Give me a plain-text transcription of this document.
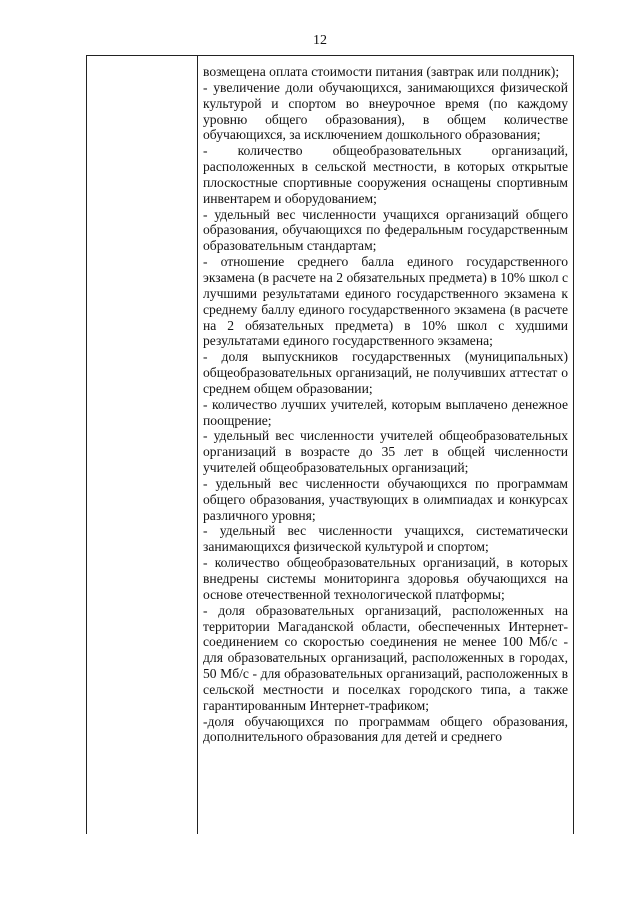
12

возмещена оплата стоимости питания (завтрак или полдник);

- увеличение доли обучающихся, занимающихся физической культурой и спортом во внеурочное время (по каждому уровню общего образования), в общем количестве обучающихся, за исключением дошкольного образования;

- количество общеобразовательных организаций, расположенных в сельской местности, в которых открытые плоскостные спортивные сооружения оснащены спортивным инвентарем и оборудованием;

- удельный вес численности учащихся организаций общего образования, обучающихся по федеральным государственным образовательным стандартам;

- отношение среднего балла единого государственного экзамена (в расчете на 2 обязательных предмета) в 10% школ с лучшими результатами единого государственного экзамена к среднему баллу единого государственного экзамена (в расчете на 2 обязательных предмета) в 10% школ с худшими результатами единого государственного экзамена;

- доля выпускников государственных (муниципальных) общеобразовательных организаций, не получивших аттестат о среднем общем образовании;

- количество лучших учителей, которым выплачено денежное поощрение;

- удельный вес численности учителей общеобразовательных организаций в возрасте до 35 лет в общей численности учителей общеобразовательных организаций;

- удельный вес численности обучающихся по программам общего образования, участвующих в олимпиадах и конкурсах различного уровня;

- удельный вес численности учащихся, систематически занимающихся физической культурой и спортом;

- количество общеобразовательных организаций, в которых внедрены системы мониторинга здоровья обучающихся на основе отечественной технологической платформы;

- доля образовательных организаций, расположенных на территории Магаданской области, обеспеченных Интернет-соединением со скоростью соединения не менее 100 Мб/с - для образовательных организаций, расположенных в городах, 50 Мб/с - для образовательных организаций, расположенных в сельской местности и поселках городского типа, а также гарантированным Интернет-трафиком;

-доля обучающихся по программам общего образования, дополнительного образования для детей и среднего
